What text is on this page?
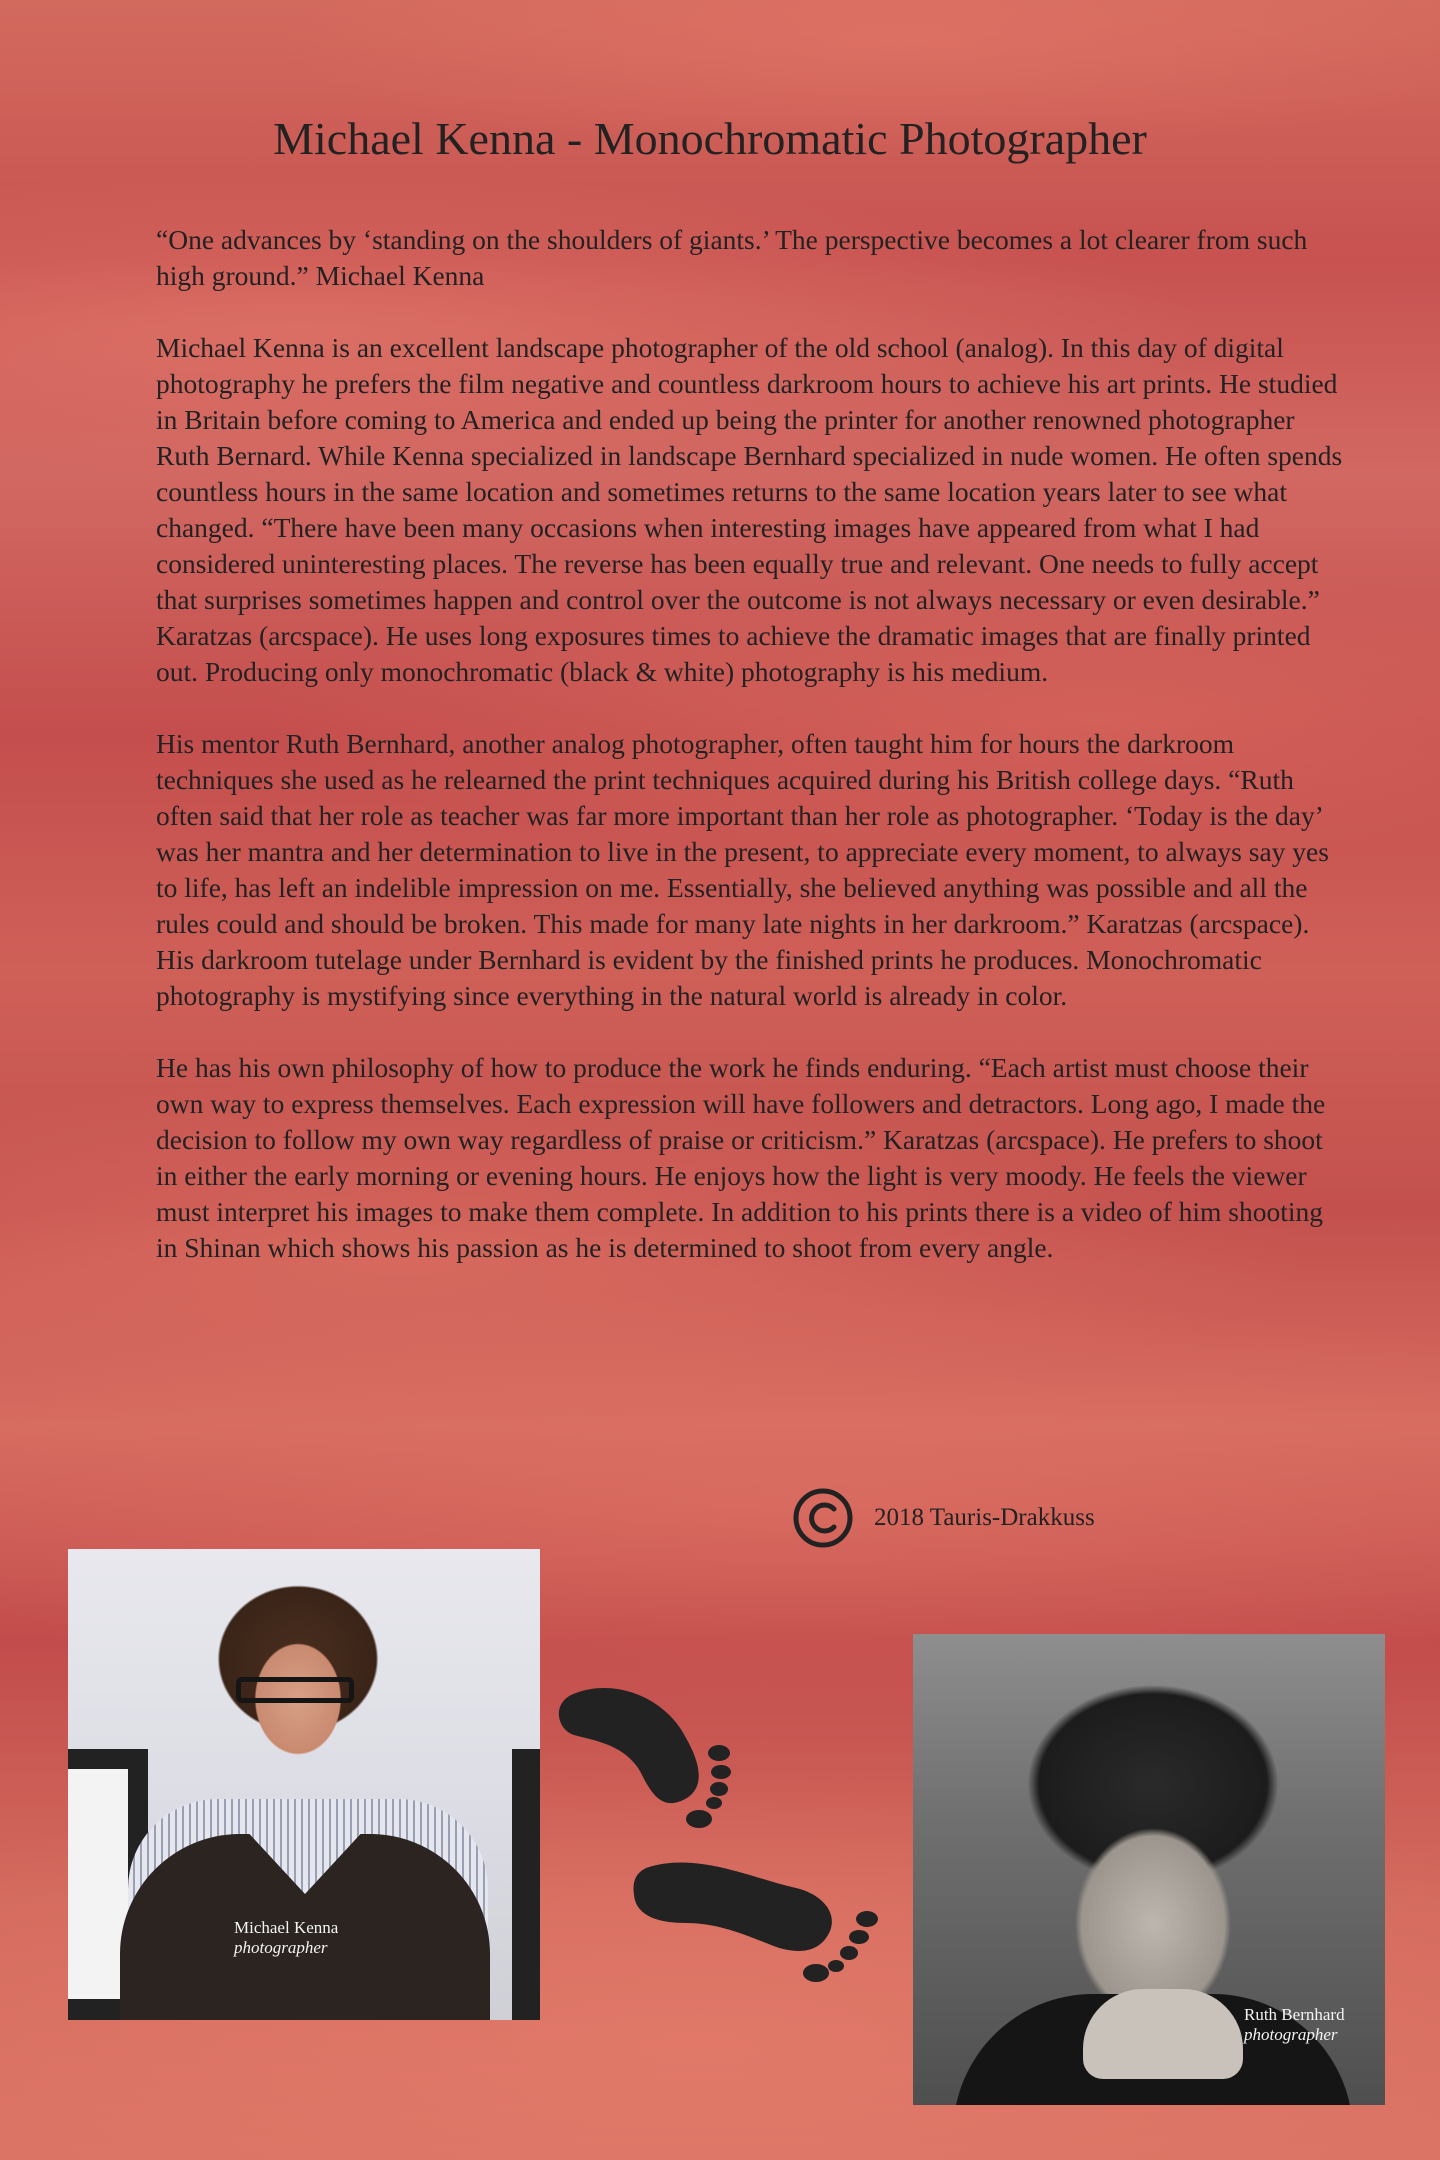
Michael Kenna - Monochromatic Photographer

“One advances by ‘standing on the shoulders of giants.’ The perspective becomes a lot clearer from such high ground.” Michael Kenna

Michael Kenna is an excellent landscape photographer of the old school (analog). In this day of digital photography he prefers the film negative and countless darkroom hours to achieve his art prints. He studied in Britain before coming to America and ended up being the printer for another renowned photographer Ruth Bernard. While Kenna specialized in landscape Bernhard specialized in nude women. He often spends countless hours in the same location and sometimes returns to the same location years later to see what changed. “There have been many occasions when interesting images have appeared from what I had considered uninteresting places. The reverse has been equally true and relevant. One needs to fully accept that surprises sometimes happen and control over the outcome is not always necessary or even desirable.” Karatzas (arcspace). He uses long exposures times to achieve the dramatic images that are finally printed out. Producing only monochromatic (black & white) photography is his medium.

His mentor Ruth Bernhard, another analog photographer, often taught him for hours the darkroom techniques she used as he relearned the print techniques acquired during his British college days. “Ruth often said that her role as teacher was far more important than her role as photographer. ‘Today is the day’ was her mantra and her determination to live in the present, to appreciate every moment, to always say yes to life, has left an indelible impression on me. Essentially, she believed anything was possible and all the rules could and should be broken. This made for many late nights in her darkroom.” Karatzas (arcspace). His darkroom tutelage under Bernhard is evident by the finished prints he produces. Monochromatic photography is mystifying since everything in the natural world is already in color.

He has his own philosophy of how to produce the work he finds enduring. “Each artist must choose their own way to express themselves. Each expression will have followers and detractors. Long ago, I made the decision to follow my own way regardless of praise or criticism.” Karatzas (arcspace). He prefers to shoot in either the early morning or evening hours. He enjoys how the light is very moody. He feels the viewer must interpret his images to make them complete. In addition to his prints there is a video of him shooting in Shinan which shows his passion as he is determined to shoot from every angle.

2018 Tauris-Drakkuss
Michael Kenna
photographer
Ruth Bernhard
photographer
